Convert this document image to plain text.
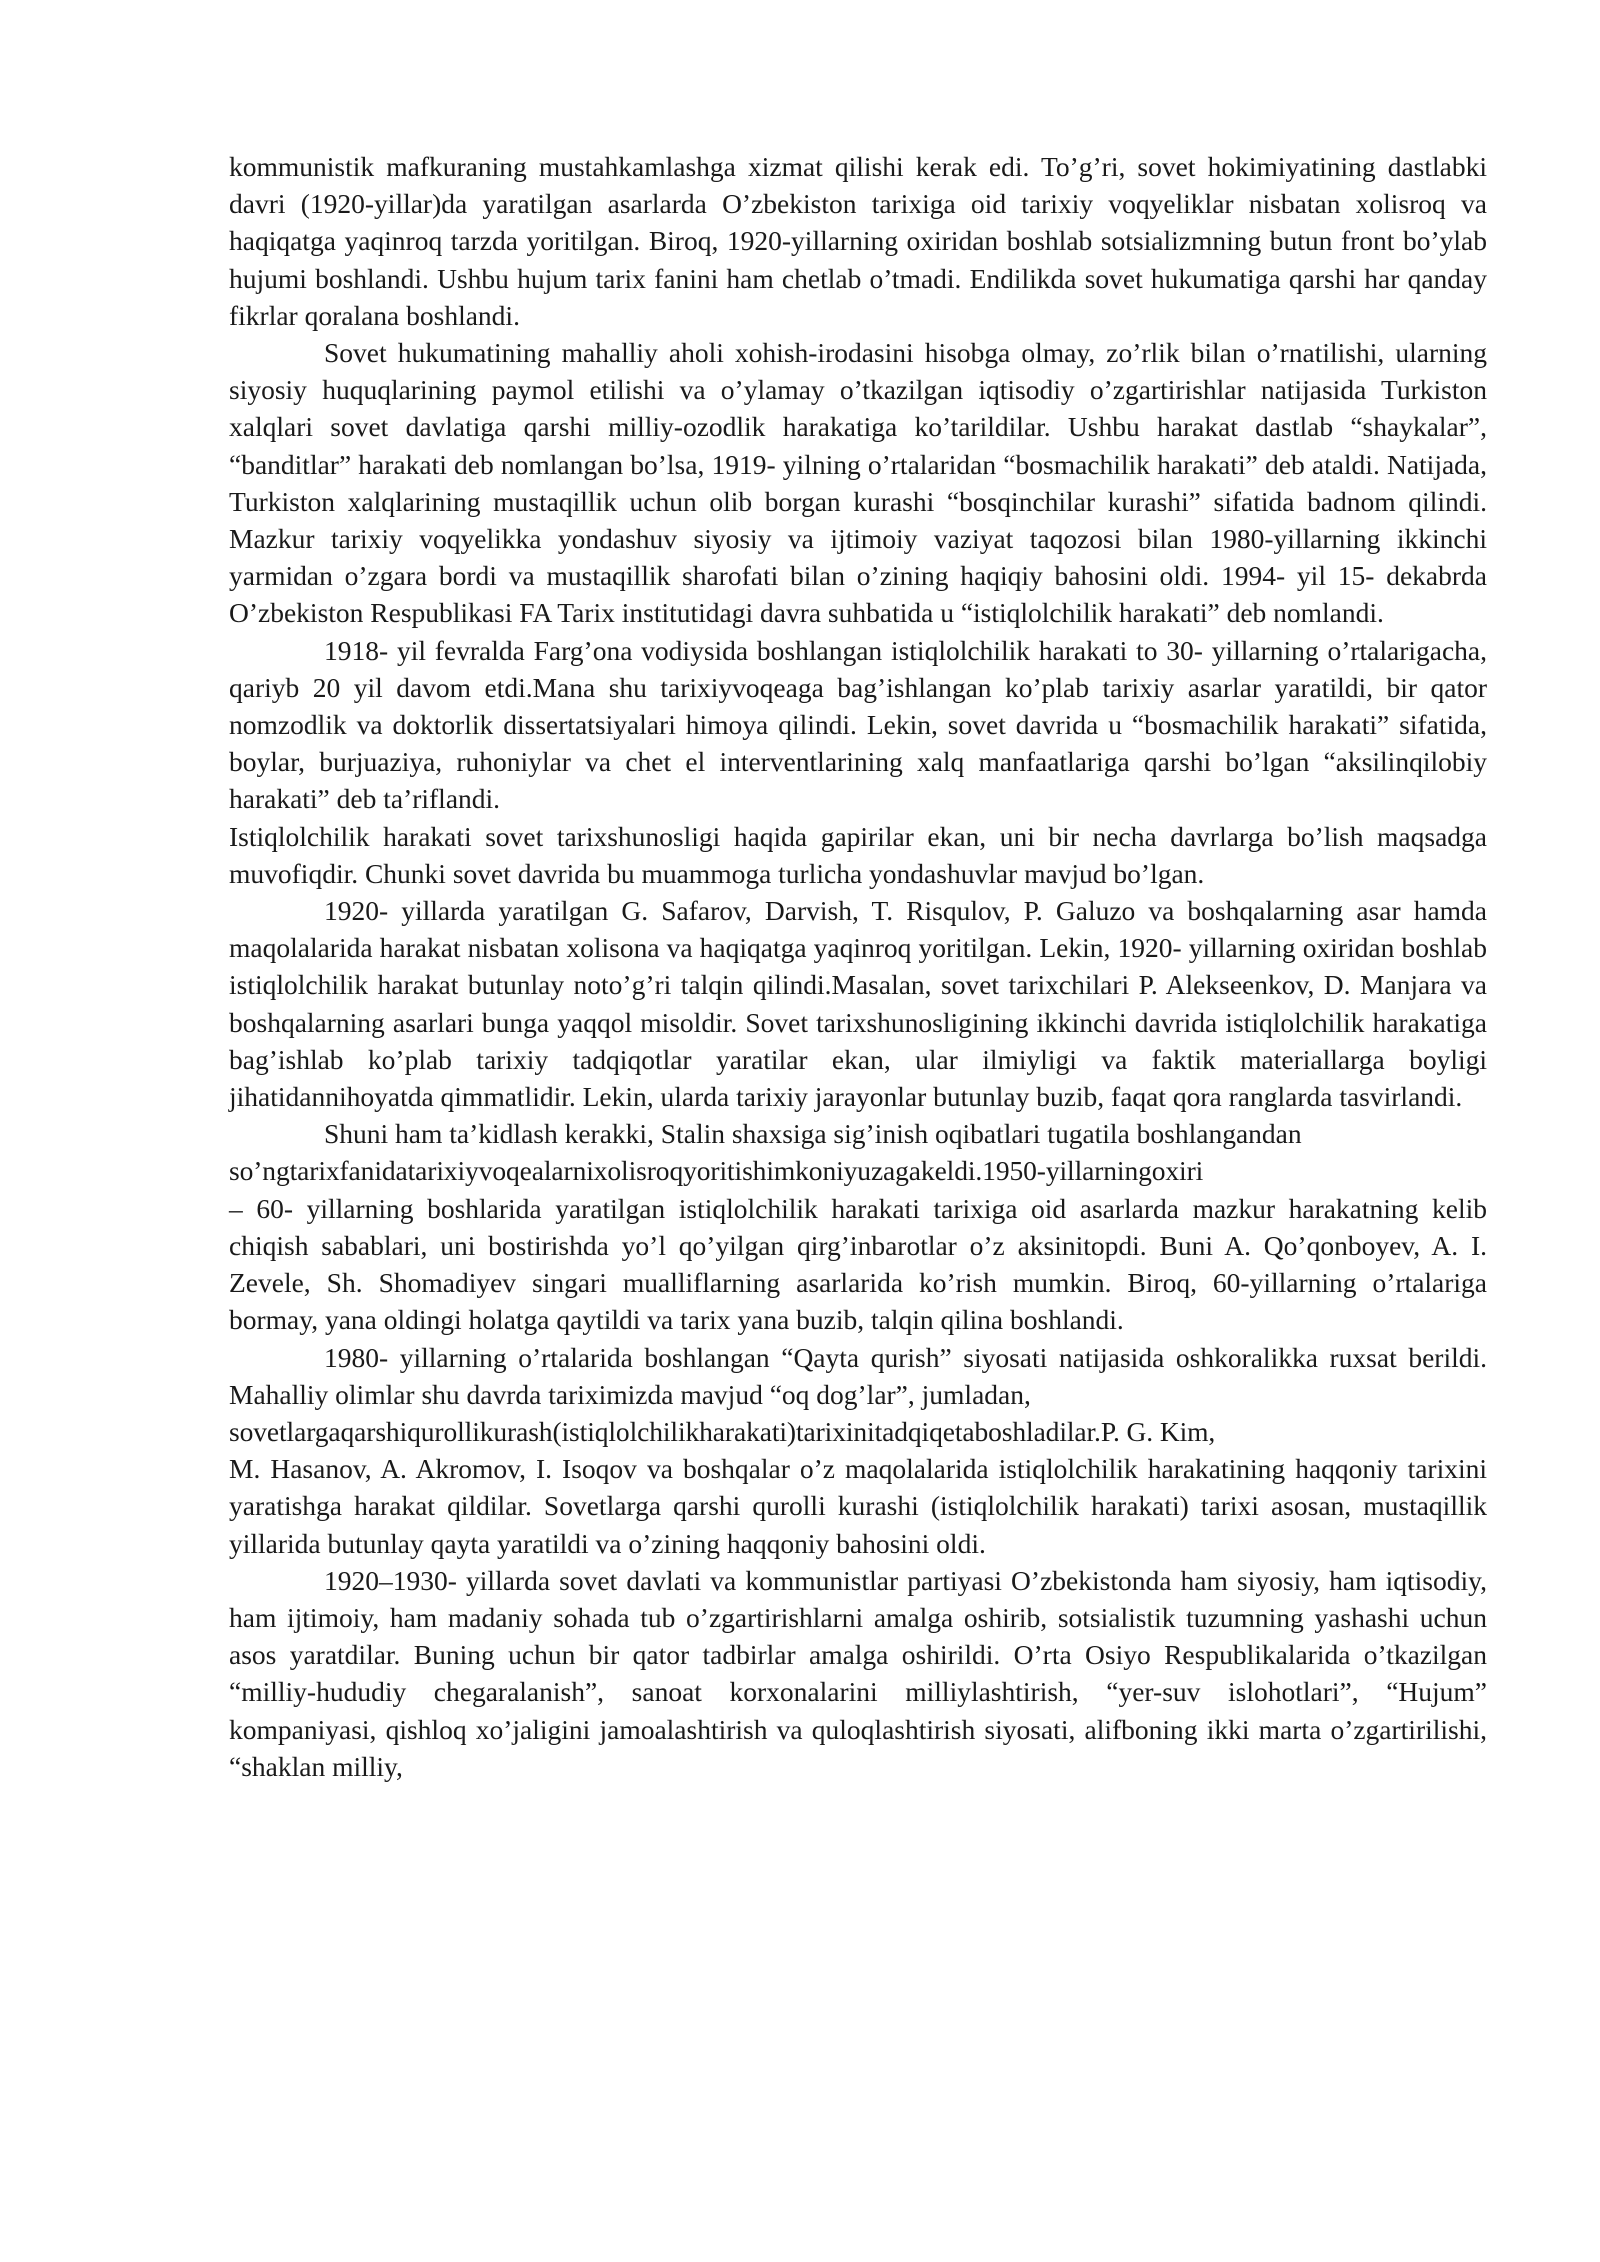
kommunistik mafkuraning mustahkamlashga xizmat qilishi kerak edi. To’g’ri, sovet hokimiyatining dastlabki davri (1920-yillar)da yaratilgan asarlarda O’zbekiston tarixiga oid tarixiy voqyeliklar nisbatan xolisroq va haqiqatga yaqinroq tarzda yoritilgan. Biroq, 1920-yillarning oxiridan boshlab sotsializmning butun front bo’ylab hujumi boshlandi. Ushbu hujum tarix fanini ham chetlab o’tmadi. Endilikda sovet hukumatiga qarshi har qanday fikrlar qoralana boshlandi.

Sovet hukumatining mahalliy aholi xohish-irodasini hisobga olmay, zo’rlik bilan o’rnatilishi, ularning siyosiy huquqlarining paymol etilishi va o’ylamay o’tkazilgan iqtisodiy o’zgartirishlar natijasida Turkiston xalqlari sovet davlatiga qarshi milliy-ozodlik harakatiga ko’tarildilar. Ushbu harakat dastlab “shaykalar”, “banditlar” harakati deb nomlangan bo’lsa, 1919- yilning o’rtalaridan “bosmachilik harakati” deb ataldi. Natijada, Turkiston xalqlarining mustaqillik uchun olib borgan kurashi “bosqinchilar kurashi” sifatida badnom qilindi. Mazkur tarixiy voqyelikka yondashuv siyosiy va ijtimoiy vaziyat taqozosi bilan 1980-yillarning ikkinchi yarmidan o’zgara bordi va mustaqillik sharofati bilan o’zining haqiqiy bahosini oldi. 1994- yil 15- dekabrda O’zbekiston Respublikasi FA Tarix institutidagi davra suhbatida u “istiqlolchilik harakati” deb nomlandi.

1918- yil fevralda Farg’ona vodiysida boshlangan istiqlolchilik harakati to 30- yillarning o’rtalarigacha, qariyb 20 yil davom etdi.Mana shu tarixiyvoqeaga bag’ishlangan ko’plab tarixiy asarlar yaratildi, bir qator nomzodlik va doktorlik dissertatsiyalari himoya qilindi. Lekin, sovet davrida u “bosmachilik harakati” sifatida, boylar, burjuaziya, ruhoniylar va chet el interventlarining xalq manfaatlariga qarshi bo’lgan “aksilinqilobiy harakati” deb ta’riflandi.

Istiqlolchilik harakati sovet tarixshunosligi haqida gapirilar ekan, uni bir necha davrlarga bo’lish maqsadga muvofiqdir. Chunki sovet davrida bu muammoga turlicha yondashuvlar mavjud bo’lgan.

1920- yillarda yaratilgan G. Safarov, Darvish, T. Risqulov, P. Galuzo va boshqalarning asar hamda maqolalarida harakat nisbatan xolisona va haqiqatga yaqinroq yoritilgan. Lekin, 1920- yillarning oxiridan boshlab istiqlolchilik harakat butunlay noto’g’ri talqin qilindi.Masalan, sovet tarixchilari P. Alekseenkov, D. Manjara va boshqalarning asarlari bunga yaqqol misoldir. Sovet tarixshunosligining ikkinchi davrida istiqlolchilik harakatiga bag’ishlab ko’plab tarixiy tadqiqotlar yaratilar ekan, ular ilmiyligi va faktik materiallarga boyligi jihatidannihoyatda qimmatlidir. Lekin, ularda tarixiy jarayonlar butunlay buzib, faqat qora ranglarda tasvirlandi.

Shuni ham ta’kidlash kerakki, Stalin shaxsiga sig’inish oqibatlari tugatila boshlangandan

so’ngtarixfanidatarixiyvoqealarnixolisroqyoritishimkoniyuzagakeldi.1950-yillarningoxiri

– 60- yillarning boshlarida yaratilgan istiqlolchilik harakati tarixiga oid asarlarda mazkur harakatning kelib chiqish sabablari, uni bostirishda yo’l qo’yilgan qirg’inbarotlar o’z aksinitopdi. Buni A. Qo’qonboyev, A. I. Zevele, Sh. Shomadiyev singari mualliflarning asarlarida ko’rish mumkin. Biroq, 60-yillarning o’rtalariga bormay, yana oldingi holatga qaytildi va tarix yana buzib, talqin qilina boshlandi.

1980- yillarning o’rtalarida boshlangan “Qayta qurish” siyosati natijasida oshkoralikka ruxsat berildi. Mahalliy olimlar shu davrda tariximizda mavjud “oq dog’lar”, jumladan,

sovetlargaqarshiqurollikurash(istiqlolchilikharakati)tarixinitadqiqetaboshladilar.P. G. Kim,

M. Hasanov, A. Akromov, I. Isoqov va boshqalar o’z maqolalarida istiqlolchilik harakatining haqqoniy tarixini yaratishga harakat qildilar. Sovetlarga qarshi qurolli kurashi (istiqlolchilik harakati) tarixi asosan, mustaqillik yillarida butunlay qayta yaratildi va o’zining haqqoniy bahosini oldi.

1920–1930- yillarda sovet davlati va kommunistlar partiyasi O’zbekistonda ham siyosiy, ham iqtisodiy, ham ijtimoiy, ham madaniy sohada tub o’zgartirishlarni amalga oshirib, sotsialistik tuzumning yashashi uchun asos yaratdilar. Buning uchun bir qator tadbirlar amalga oshirildi. O’rta Osiyo Respublikalarida o’tkazilgan “milliy-hududiy chegaralanish”, sanoat korxonalarini milliylashtirish, “yer-suv islohotlari”, “Hujum” kompaniyasi, qishloq xo’jaligini jamoalashtirish va quloqlashtirish siyosati, alifboning ikki marta o’zgartirilishi, “shaklan milliy,
